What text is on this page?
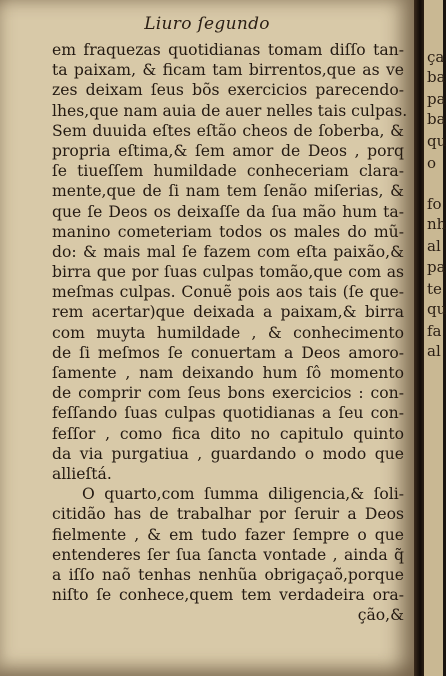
Liuro ſegundo
em fraquezas quotidianas tomam diſſo tan-
ta paixam, & ficam tam birrentos,que as ve
zes deixam ſeus bõs exercicios parecendo-
lhes,que nam auia de auer nelles tais culpas.
Sem duuida eſtes eſtão cheos de ſoberba, &
propria eſtima,& ſem amor de Deos , porq
ſe tiueſſem humildade conheceriam clara-
mente,que de ſi nam tem ſenão miſerias, &
que ſe Deos os deixaſſe da ſua mão hum ta-
manino cometeriam todos os males do mũ-
do: & mais mal ſe fazem com eſta paixão,&
birra que por ſuas culpas tomão,que com as
meſmas culpas. Conuẽ pois aos tais (ſe que-
rem acertar)que deixada a paixam,& birra
com muyta humildade , & conhecimento
de ſi meſmos ſe conuertam a Deos amoro-
ſamente , nam deixando hum ſô momento
de comprir com ſeus bons exercicios : con-
feſſando ſuas culpas quotidianas a ſeu con-
feſſor , como fica dito no capitulo quinto
da via purgatiua , guardando o modo que
allieſtá.
O quarto,com ſumma diligencia,& ſoli-
citidão has de trabalhar por ſeruir a Deos
fielmente , & em tudo fazer ſempre o que
entenderes ſer ſua ſancta vontade , ainda q̃
a iſſo naõ tenhas nenhũa obrigaçaõ,porque
niſto ſe conhece,quem tem verdadeira ora-
ção,&
ça
ba
pa
ba
qu
o
fo
nh
al
pa
te
qu
fa
al
